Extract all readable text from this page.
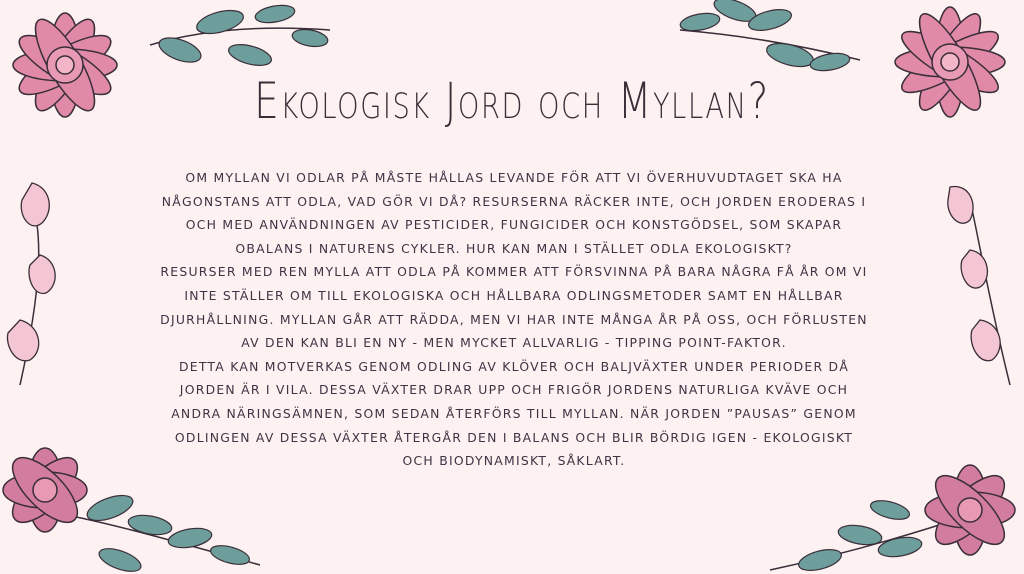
Ekologisk Jord och Myllan?

OM MYLLAN VI ODLAR PÅ MÅSTE HÅLLAS LEVANDE FÖR ATT VI ÖVERHUVUDTAGET SKA HA NÅGONSTANS ATT ODLA, VAD GÖR VI DÅ? RESURSERNA RÄCKER INTE, OCH JORDEN ERODERAS I OCH MED ANVÄNDNINGEN AV PESTICIDER, FUNGICIDER OCH KONSTGÖDSEL, SOM SKAPAR OBALANS I NATURENS CYKLER. HUR KAN MAN I STÄLLET ODLA EKOLOGISKT?

RESURSER MED REN MYLLA ATT ODLA PÅ KOMMER ATT FÖRSVINNA PÅ BARA NÅGRA FÅ ÅR OM VI INTE STÄLLER OM TILL EKOLOGISKA OCH HÅLLBARA ODLINGSMETODER SAMT EN HÅLLBAR DJURHÅLLNING. MYLLAN GÅR ATT RÄDDA, MEN VI HAR INTE MÅNGA ÅR PÅ OSS, OCH FÖRLUSTEN AV DEN KAN BLI EN NY - MEN MYCKET ALLVARLIG - TIPPING POINT-FAKTOR.

DETTA KAN MOTVERKAS GENOM ODLING AV KLÖVER OCH BALJVÄXTER UNDER PERIODER DÅ JORDEN ÄR I VILA. DESSA VÄXTER DRAR UPP OCH FRIGÖR JORDENS NATURLIGA KVÄVE OCH ANDRA NÄRINGSÄMNEN, SOM SEDAN ÅTERFÖRS TILL MYLLAN. NÄR JORDEN ”PAUSAS” GENOM ODLINGEN AV DESSA VÄXTER ÅTERGÅR DEN I BALANS OCH BLIR BÖRDIG IGEN - EKOLOGISKT OCH BIODYNAMISKT, SÅKLART.
